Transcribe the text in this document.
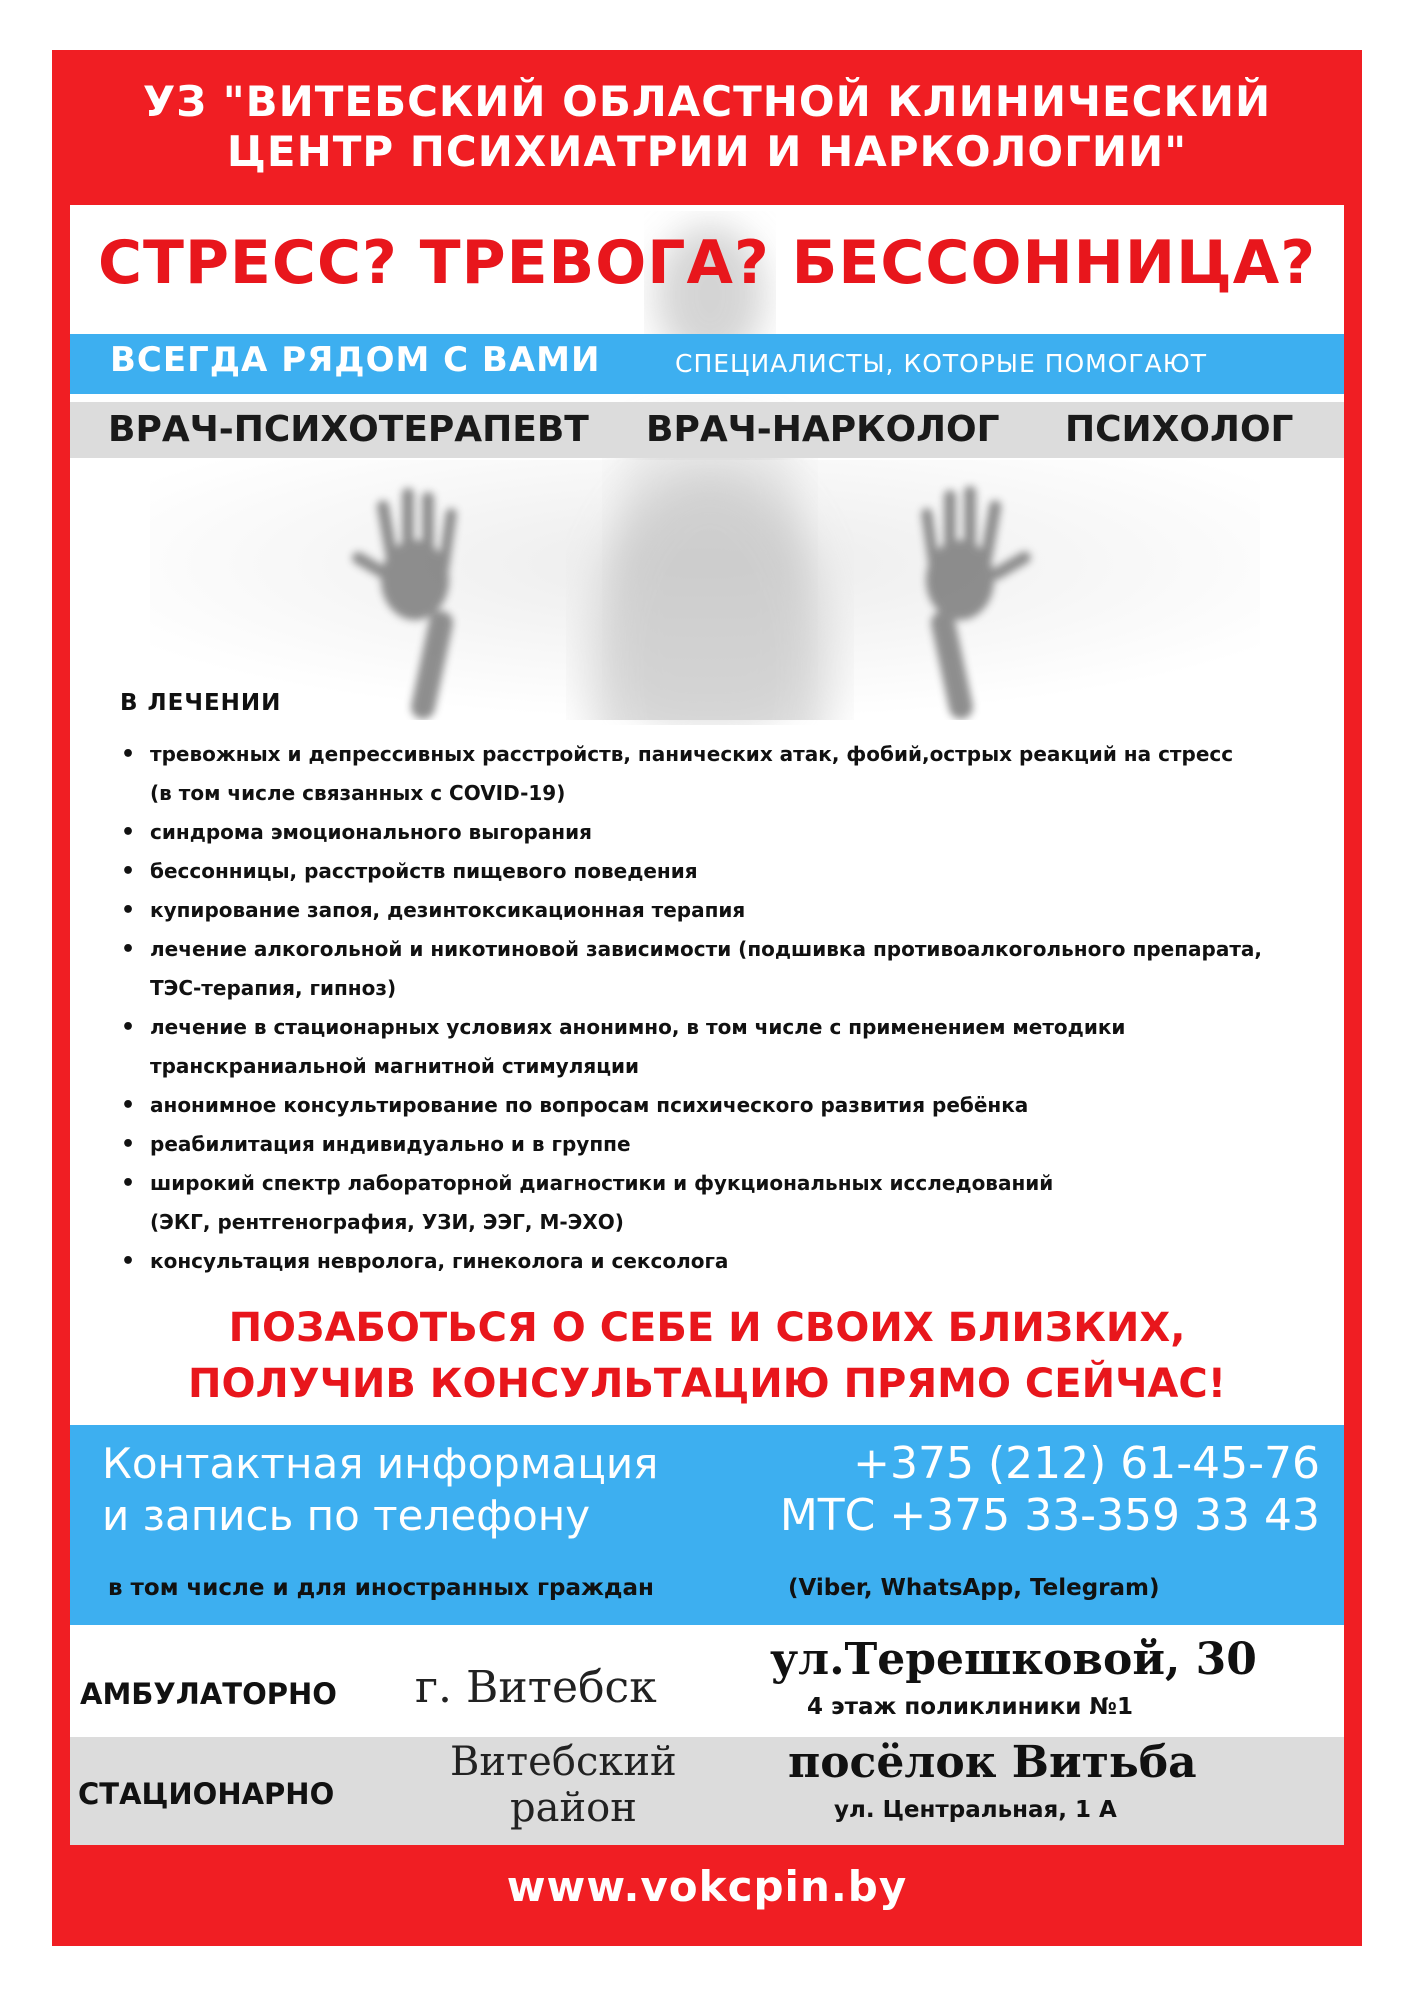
УЗ "ВИТЕБСКИЙ ОБЛАСТНОЙ КЛИНИЧЕСКИЙ
ЦЕНТР ПСИХИАТРИИ И НАРКОЛОГИИ"
СТРЕСС? ТРЕВОГА? БЕССОННИЦА?
ВСЕГДА РЯДОМ С ВАМИ	СПЕЦИАЛИСТЫ, КОТОРЫЕ ПОМОГАЮТ
ВРАЧ-ПСИХОТЕРАПЕВТ ВРАЧ-НАРКОЛОГ ПСИХОЛОГ
В ЛЕЧЕНИИ
• тревожных и депрессивных расстройств, панических атак, фобий,острых реакций на стресс
(в том числе связанных с COVID-19)
• синдрома эмоционального выгорания
• бессонницы, расстройств пищевого поведения
• купирование запоя, дезинтоксикационная терапия
• лечение алкогольной и никотиновой зависимости (подшивка противоалкогольного препарата,
ТЭС-терапия, гипноз)
• лечение в стационарных условиях анонимно, в том числе с применением методики
транскраниальной магнитной стимуляции
• анонимное консультирование по вопросам психического развития ребёнка
• реабилитация индивидуально и в группе
• широкий спектр лабораторной диагностики и фукциональных исследований
(ЭКГ, рентгенография, УЗИ, ЭЭГ, М-ЭХО)
• консультация невролога, гинеколога и сексолога
ПОЗАБОТЬСЯ О СЕБЕ И СВОИХ БЛИЗКИХ,
ПОЛУЧИВ КОНСУЛЬТАЦИЮ ПРЯМО СЕЙЧАС!
Контактная информация
и запись по телефону
+375 (212) 61-45-76
МТС +375 33-359 33 43
в том числе и для иностранных граждан	(Viber, WhatsApp, Telegram)
АМБУЛАТОРНО г. Витебск
ул.Терешковой, 30
4 этаж поликлиники №1
СТАЦИОНАРНО
Витебский
район
посёлок Витьба
ул. Центральная, 1 А
www.vokcpin.by
